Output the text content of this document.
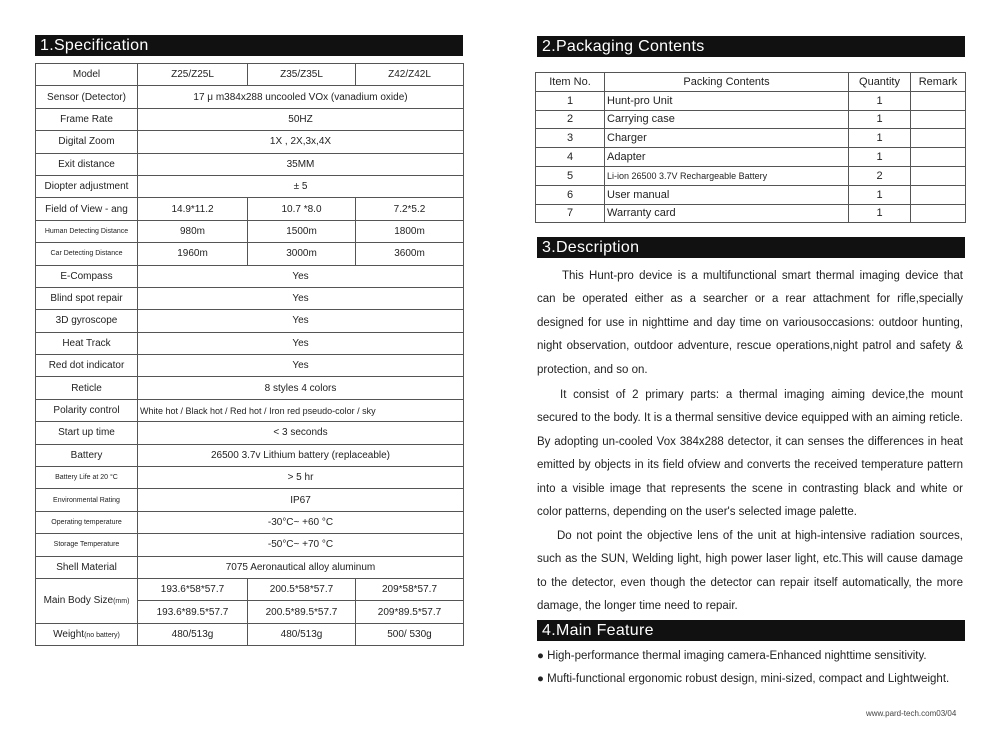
1.Specification
Model	Z25/Z25L	Z35/Z35L	Z42/Z42L
Sensor (Detector)	17 μ m384x288 uncooled VOx (vanadium oxide)		
Frame Rate	50HZ		
Digital Zoom	1X , 2X,3x,4X		
Exit distance	35MM		
Diopter adjustment	± 5		
Field of View - ang	14.9*11.2	10.7 *8.0	7.2*5.2
Human Detecting Distance	980m	1500m	1800m
Car Detecting Distance	1960m	3000m	3600m
E-Compass	Yes		
Blind spot repair	Yes		
3D gyroscope	Yes		
Heat Track	Yes		
Red dot indicator	Yes		
Reticle	8 styles 4 colors		
Polarity control	White hot / Black hot / Red hot / Iron red pseudo-color / sky		
Start up time	< 3 seconds		
Battery	26500 3.7v Lithium battery (replaceable)		
Battery Life at 20 °C	> 5 hr		
Environmental Rating	IP67		
Operating temperature	-30°C~ +60 °C		
Storage Temperature	-50°C~ +70 °C		
Shell Material	7075 Aeronautical alloy aluminum		
Main Body Size(mm)	193.6*58*57.7	200.5*58*57.7	209*58*57.7
	193.6*89.5*57.7	200.5*89.5*57.7	209*89.5*57.7
Weight(no battery)	480/513g	480/513g	500/ 530g
2.Packaging Contents
Item No.	Packing Contents	Quantity	Remark
1	Hunt-pro Unit	1	
2	Carrying case	1	
3	Charger	1	
4	Adapter	1	
5	Li-ion 26500 3.7V Rechargeable Battery	2	
6	User manual	1	
7	Warranty card	1	
3.Description
This Hunt-pro device is a multifunctional smart thermal imaging device that can be operated either as a searcher or a rear attachment for rifle,specially designed for use in nighttime and day time on variousoccasions: outdoor hunting, night observation, outdoor adventure, rescue operations,night patrol and safety & protection, and so on.
It consist of 2 primary parts: a thermal imaging aiming device,the mount secured to the body. It is a thermal sensitive device equipped with an aiming reticle. By adopting un-cooled Vox 384x288 detector, it can senses the differences in heat emitted by objects in its field ofview and converts the received temperature pattern into a visible image that represents the scene in contrasting black and white or color patterns, depending on the user's selected image palette.
Do not point the objective lens of the unit at high-intensive radiation sources, such as the SUN, Welding light, high power laser light, etc.This will cause damage to the detector, even though the detector can repair itself automatically, the more damage, the longer time need to repair.
4.Main Feature
● High-performance thermal imaging camera-Enhanced nighttime sensitivity.
● Mufti-functional ergonomic robust design, mini-sized, compact and Lightweight.
www.pard-tech.com03/04
